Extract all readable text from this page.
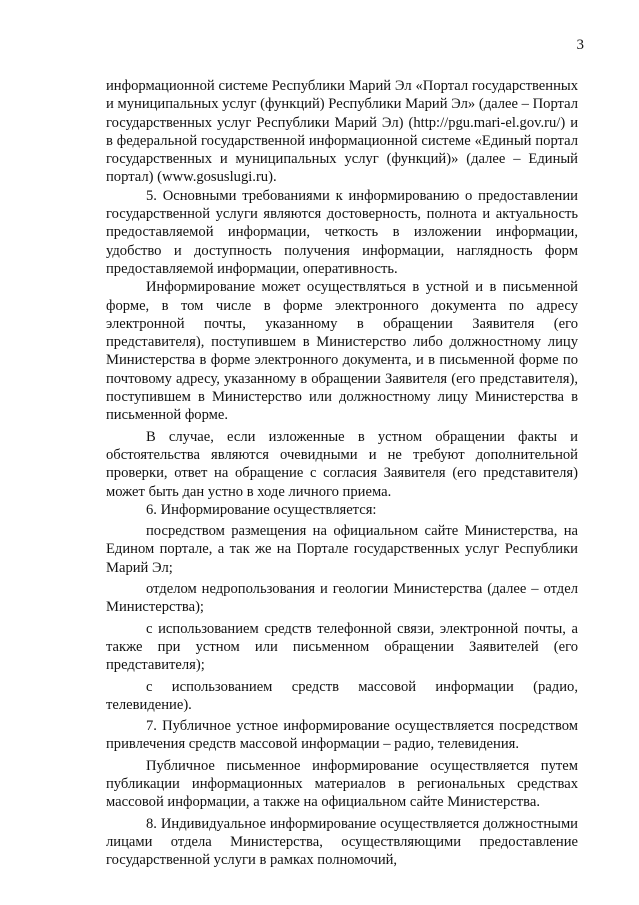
3

информационной системе Республики Марий Эл «Портал государственных и муниципальных услуг (функций) Республики Марий Эл» (далее – Портал государственных услуг Республики Марий Эл) (http://pgu.mari-el.gov.ru/) и в федеральной государственной информационной системе «Единый портал государственных и муниципальных услуг (функций)» (далее – Единый портал) (www.gosuslugi.ru).

5. Основными требованиями к информированию о предоставлении государственной услуги являются достоверность, полнота и актуальность предоставляемой информации, четкость в изложении информации, удобство и доступность получения информации, наглядность форм предоставляемой информации, оперативность.

Информирование может осуществляться в устной и в письменной форме, в том числе в форме электронного документа по адресу электронной почты, указанному в обращении Заявителя (его представителя), поступившем в Министерство либо должностному лицу Министерства в форме электронного документа, и в письменной форме по почтовому адресу, указанному в обращении Заявителя (его представителя), поступившем в Министерство или должностному лицу Министерства в письменной форме.

В случае, если изложенные в устном обращении факты и обстоятельства являются очевидными и не требуют дополнительной проверки, ответ на обращение с согласия Заявителя (его представителя) может быть дан устно в ходе личного приема.

6. Информирование осуществляется:

посредством размещения на официальном сайте Министерства, на Едином портале, а так же на Портале государственных услуг Республики Марий Эл;

отделом недропользования и геологии Министерства (далее – отдел Министерства);

с использованием средств телефонной связи, электронной почты, а также при устном или письменном обращении Заявителей (его представителя);

с использованием средств массовой информации (радио, телевидение).

7. Публичное устное информирование осуществляется посредством привлечения средств массовой информации – радио, телевидения.

Публичное письменное информирование осуществляется путем публикации информационных материалов в региональных средствах массовой информации, а также на официальном сайте Министерства.

8. Индивидуальное информирование осуществляется должностными лицами отдела Министерства, осуществляющими предоставление государственной услуги в рамках полномочий,
